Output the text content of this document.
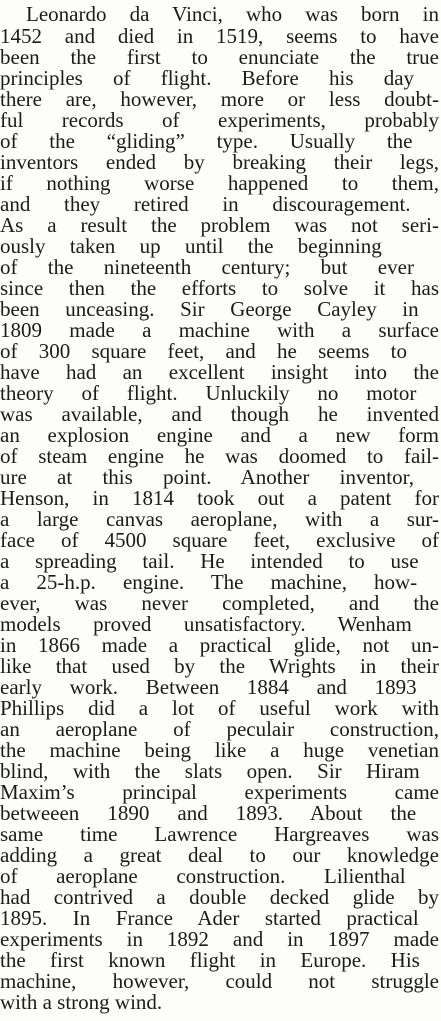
Leonardo da Vinci, who was born in

1452 and died in 1519, seems to have

been the first to enunciate the true

principles of flight. Before his day

there are, however, more or less doubt-

ful records of experiments, probably

of the “gliding” type. Usually the

inventors ended by breaking their legs,

if nothing worse happened to them,

and they retired in discouragement.

As a result the problem was not seri-

ously taken up until the beginning

of the nineteenth century; but ever

since then the efforts to solve it has

been unceasing. Sir George Cayley in

1809 made a machine with a surface

of 300 square feet, and he seems to

have had an excellent insight into the

theory of flight. Unluckily no motor

was available, and though he invented

an explosion engine and a new form

of steam engine he was doomed to fail-

ure at this point. Another inventor,

Henson, in 1814 took out a patent for

a large canvas aeroplane, with a sur-

face of 4500 square feet, exclusive of

a spreading tail. He intended to use

a 25-h.p. engine. The machine, how-

ever, was never completed, and the

models proved unsatisfactory. Wenham

in 1866 made a practical glide, not un-

like that used by the Wrights in their

early work. Between 1884 and 1893

Phillips did a lot of useful work with

an aeroplane of peculair construction,

the machine being like a huge venetian

blind, with the slats open. Sir Hiram

Maxim’s principal experiments came

betweeen 1890 and 1893. About the

same time Lawrence Hargreaves was

adding a great deal to our knowledge

of aeroplane construction. Lilienthal

had contrived a double decked glide by

1895. In France Ader started practical

experiments in 1892 and in 1897 made

the first known flight in Europe. His

machine, however, could not struggle

with a strong wind.
